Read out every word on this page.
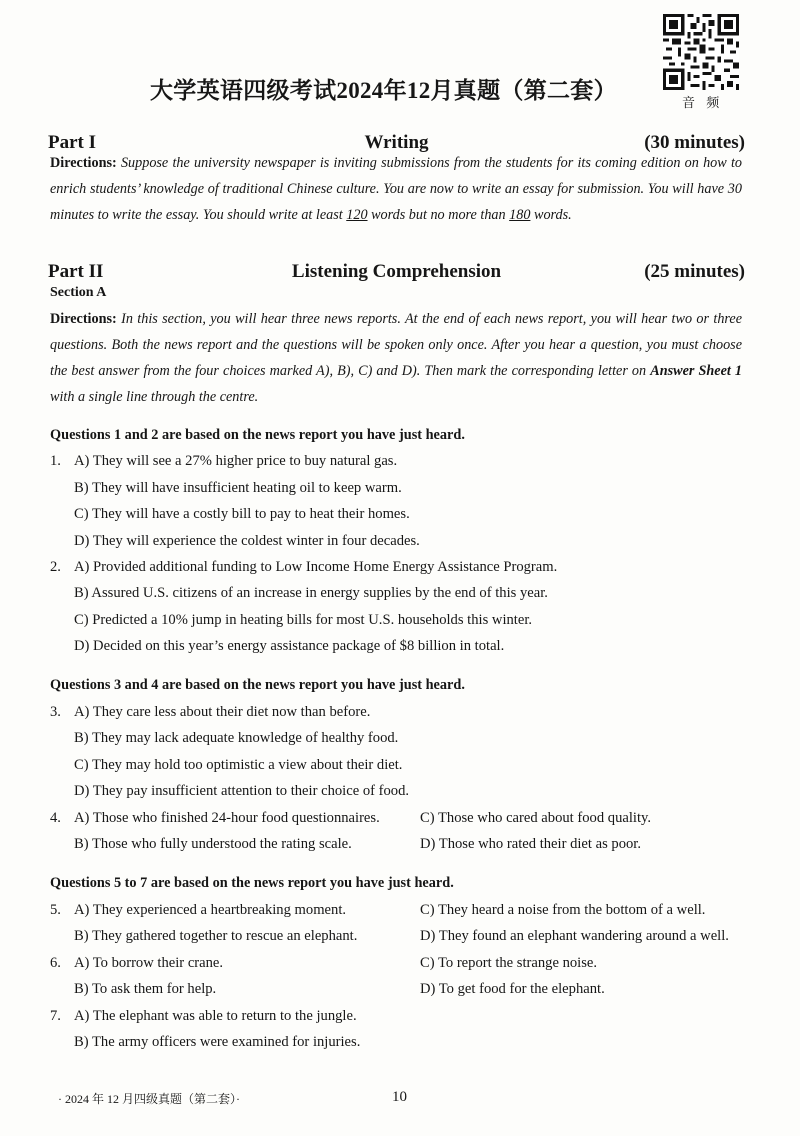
大学英语四级考试2024年12月真题（第二套）	音 频
Part I	Writing	(30 minutes)
Directions: Suppose the university newspaper is inviting submissions from the students for its coming edition on how to enrich students’ knowledge of traditional Chinese culture. You are now to write an essay for submission. You will have 30 minutes to write the essay. You should write at least 120 words but no more than 180 words.
Part II	Listening Comprehension	(25 minutes)
Section A
Directions: In this section, you will hear three news reports. At the end of each news report, you will hear two or three questions. Both the news report and the questions will be spoken only once. After you hear a question, you must choose the best answer from the four choices marked A), B), C) and D). Then mark the corresponding letter on Answer Sheet 1 with a single line through the centre.
Questions 1 and 2 are based on the news report you have just heard.
1. A) They will see a 27% higher price to buy natural gas.
B) They will have insufficient heating oil to keep warm.
C) They will have a costly bill to pay to heat their homes.
D) They will experience the coldest winter in four decades.
2. A) Provided additional funding to Low Income Home Energy Assistance Program.
B) Assured U.S. citizens of an increase in energy supplies by the end of this year.
C) Predicted a 10% jump in heating bills for most U.S. households this winter.
D) Decided on this year’s energy assistance package of $8 billion in total.
Questions 3 and 4 are based on the news report you have just heard.
3. A) They care less about their diet now than before.
B) They may lack adequate knowledge of healthy food.
C) They may hold too optimistic a view about their diet.
D) They pay insufficient attention to their choice of food.
4. A) Those who finished 24-hour food questionnaires.	C) Those who cared about food quality.
B) Those who fully understood the rating scale.	D) Those who rated their diet as poor.
Questions 5 to 7 are based on the news report you have just heard.
5. A) They experienced a heartbreaking moment.	C) They heard a noise from the bottom of a well.
B) They gathered together to rescue an elephant.	D) They found an elephant wandering around a well.
6. A) To borrow their crane.	C) To report the strange noise.
B) To ask them for help.	D) To get food for the elephant.
7. A) The elephant was able to return to the jungle.
B) The army officers were examined for injuries.
· 2024 年 12 月四级真题（第二套）·	10
